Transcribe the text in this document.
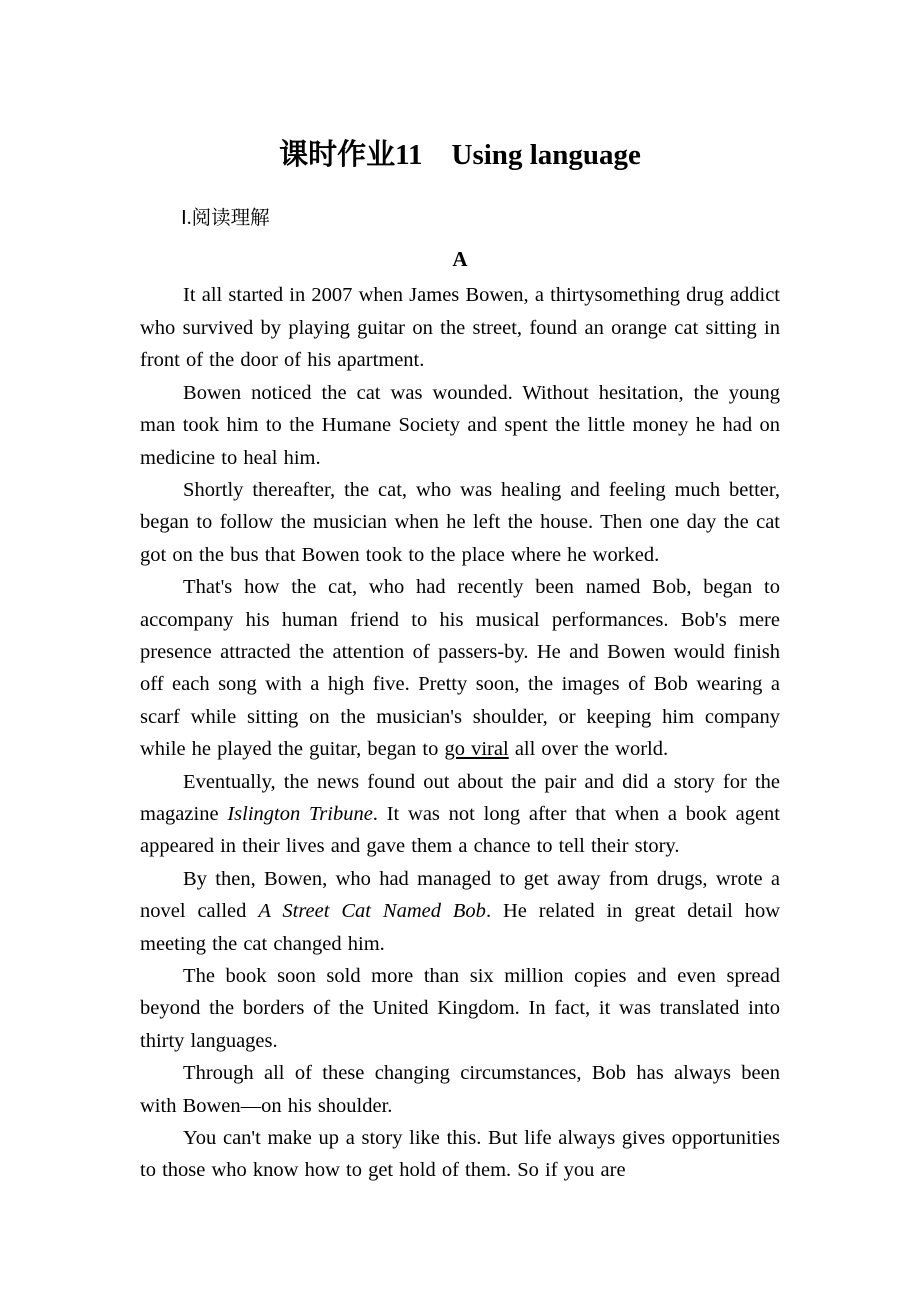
课时作业11　Using language
Ⅰ.阅读理解
A

It all started in 2007 when James Bowen, a thirtysomething drug addict who survived by playing guitar on the street, found an orange cat sitting in front of the door of his apartment.

Bowen noticed the cat was wounded. Without hesitation, the young man took him to the Humane Society and spent the little money he had on medicine to heal him.

Shortly thereafter, the cat, who was healing and feeling much better, began to follow the musician when he left the house. Then one day the cat got on the bus that Bowen took to the place where he worked.

That's how the cat, who had recently been named Bob, began to accompany his human friend to his musical performances. Bob's mere presence attracted the attention of passers-by. He and Bowen would finish off each song with a high five. Pretty soon, the images of Bob wearing a scarf while sitting on the musician's shoulder, or keeping him company while he played the guitar, began to go viral all over the world.

Eventually, the news found out about the pair and did a story for the magazine Islington Tribune. It was not long after that when a book agent appeared in their lives and gave them a chance to tell their story.

By then, Bowen, who had managed to get away from drugs, wrote a novel called A Street Cat Named Bob. He related in great detail how meeting the cat changed him.

The book soon sold more than six million copies and even spread beyond the borders of the United Kingdom. In fact, it was translated into thirty languages.

Through all of these changing circumstances, Bob has always been with Bowen—on his shoulder.

You can't make up a story like this. But life always gives opportunities to those who know how to get hold of them. So if you are
